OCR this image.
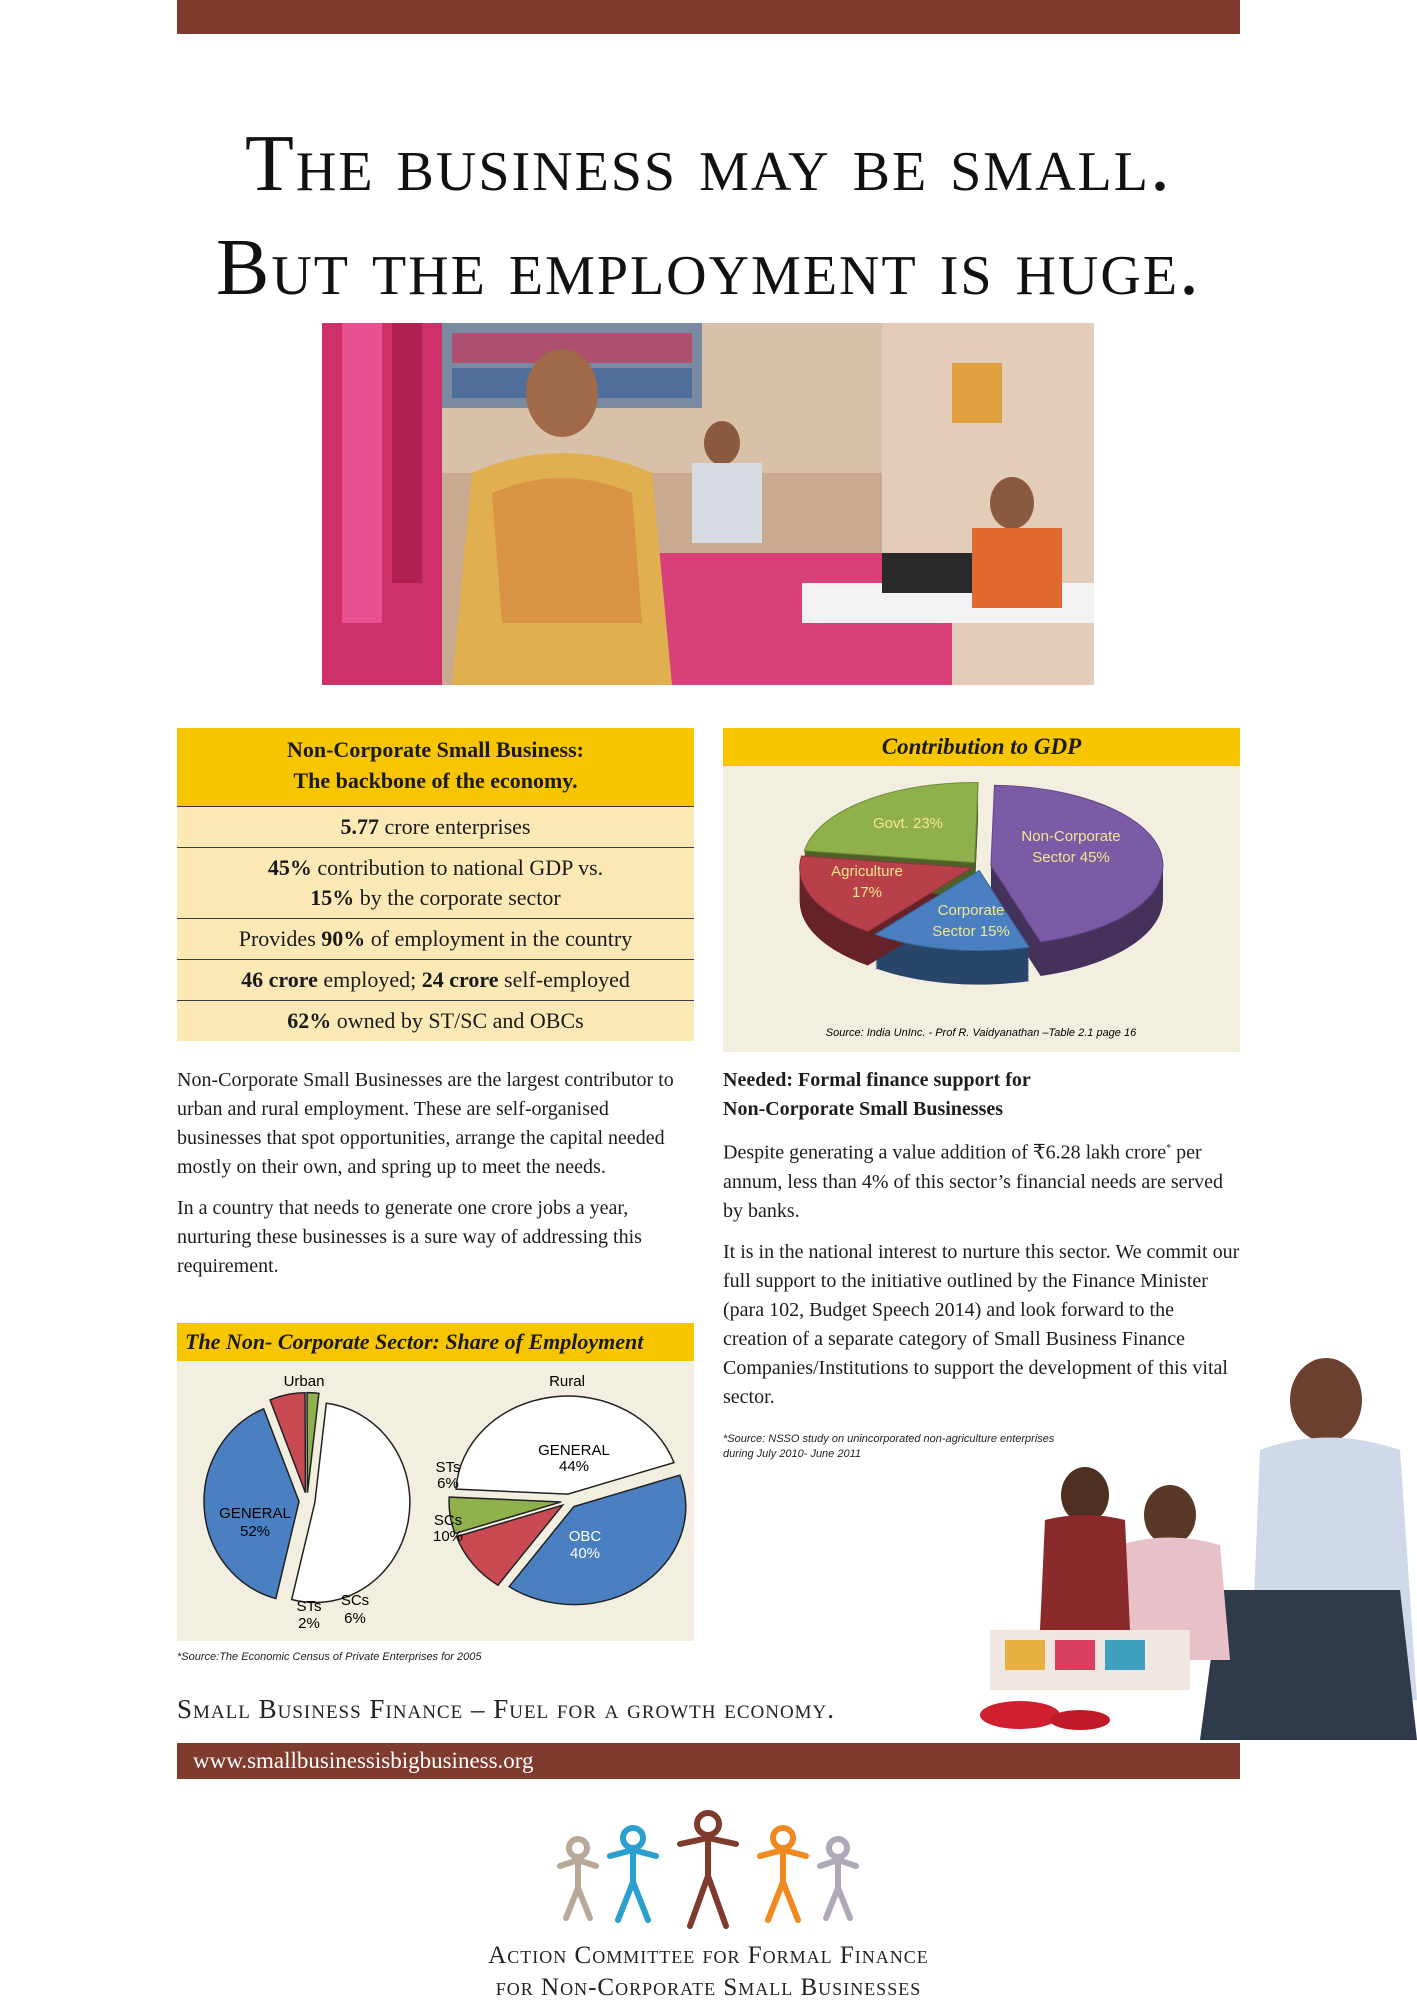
The business may be small.
But the employment is huge.
Non-Corporate Small Business:
The backbone of the economy.
5.77 crore enterprises
45% contribution to national GDP vs.
15% by the corporate sector
Provides 90% of employment in the country
46 crore employed; 24 crore self-employed
62% owned by ST/SC and OBCs

Non-Corporate Small Businesses are the largest contributor to urban and rural employment. These are self-organised businesses that spot opportunities, arrange the capital needed mostly on their own, and spring up to meet the needs.

In a country that needs to generate one crore jobs a year, nurturing these businesses is a sure way of addressing this requirement.

The Non- Corporate Sector: Share of Employment
Urban	Rural
GENERAL
52%
OBC
40%
SCs
6%
STs
2%
GENERAL
44%
OBC
40%
SCs
10%
STs
6%
*Source:The Economic Census of Private Enterprises for 2005
Contribution to GDP
Govt. 23%
Non-Corporate
Sector 45%
Agriculture
17%
Corporate
Sector 15%
Source: India UnInc. - Prof R. Vaidyanathan –Table 2.1 page 16
Needed: Formal finance support for
Non-Corporate Small Businesses

Despite generating a value addition of ₹6.28 lakh crore* per annum, less than 4% of this sector’s financial needs are served by banks.

It is in the national interest to nurture this sector. We commit our full support to the initiative outlined by the Finance Minister (para 102, Budget Speech 2014) and look forward to the creation of a separate category of Small Business Finance Companies/Institutions to support the development of this vital sector.

*Source: NSSO study on unincorporated non-agriculture enterprises
during July 2010- June 2011
Small Business Finance – Fuel for a growth economy.
www.smallbusinessisbigbusiness.org
Action Committee for Formal Finance
for Non-Corporate Small Businesses
